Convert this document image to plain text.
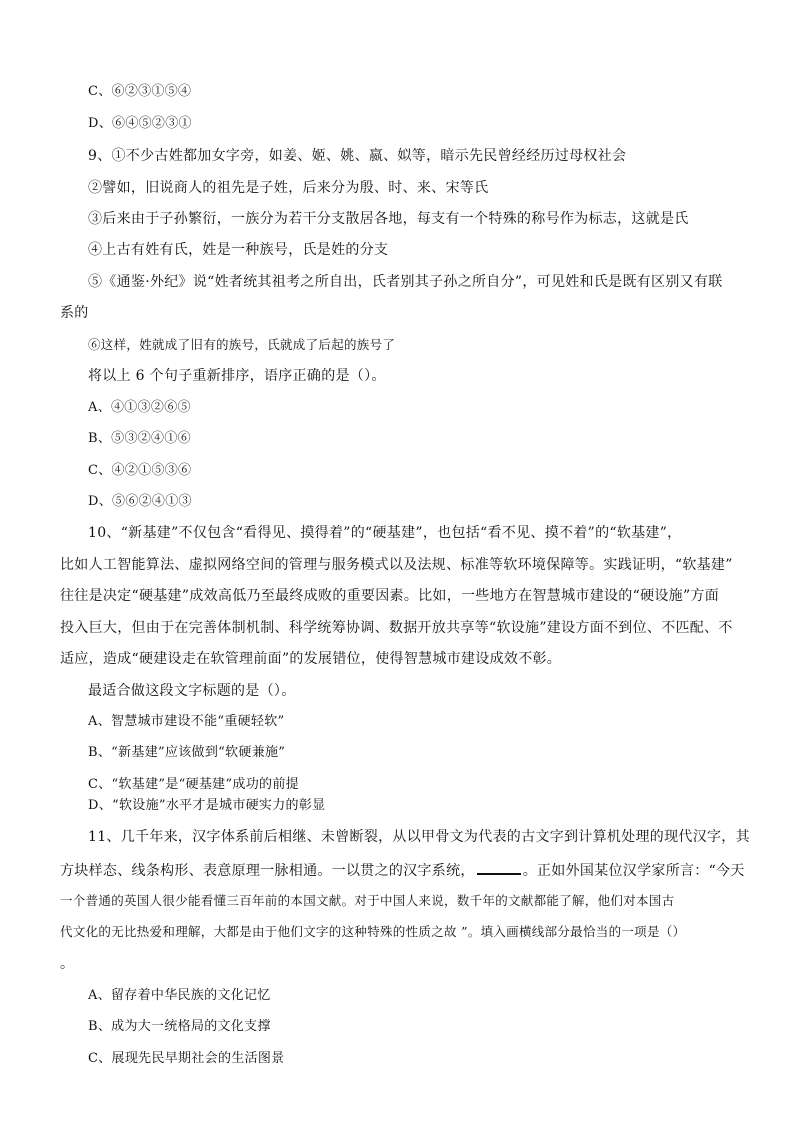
C、⑥②③①⑤④
D、⑥④⑤②③①
9、①不少古姓都加女字旁，如姜、姬、姚、嬴、姒等，暗示先民曾经经历过母权社会
②譬如，旧说商人的祖先是子姓，后来分为殷、时、来、宋等氏
③后来由于子孙繁衍，一族分为若干分支散居各地，每支有一个特殊的称号作为标志，这就是氏
④上古有姓有氏，姓是一种族号，氏是姓的分支
⑤《通鉴·外纪》说“姓者统其祖考之所自出，氏者别其子孙之所自分”，可见姓和氏是既有区别又有联
系的
⑥这样，姓就成了旧有的族号，氏就成了后起的族号了
将以上 6 个句子重新排序，语序正确的是（）。
A、④①③②⑥⑤
B、⑤③②④①⑥
C、④②①⑤③⑥
D、⑤⑥②④①③
10、“新基建”不仅包含“看得见、摸得着”的“硬基建”，也包括“看不见、摸不着”的“软基建”，
比如人工智能算法、虚拟网络空间的管理与服务模式以及法规、标准等软环境保障等。实践证明，“软基建”
往往是决定“硬基建”成效高低乃至最终成败的重要因素。比如，一些地方在智慧城市建设的“硬设施”方面
投入巨大，但由于在完善体制机制、科学统筹协调、数据开放共享等“软设施”建设方面不到位、不匹配、不
适应，造成“硬建设走在软管理前面”的发展错位，使得智慧城市建设成效不彰。
最适合做这段文字标题的是（）。
A、智慧城市建设不能“重硬轻软”
B、“新基建”应该做到“软硬兼施”
C、“软基建”是“硬基建”成功的前提
D、“软设施”水平才是城市硬实力的彰显
11、几千年来，汉字体系前后相继、未曾断裂，从以甲骨文为代表的古文字到计算机处理的现代汉字，其
方块样态、线条构形、表意原理一脉相通。一以贯之的汉字系统，	。正如外国某位汉学家所言：“今天
一个普通的英国人很少能看懂三百年前的本国文献。对于中国人来说，数千年的文献都能了解，他们对本国古
代文化的无比热爱和理解，大都是由于他们文字的这种特殊的性质之故 ”。填入画横线部分最恰当的一项是（）
。
A、留存着中华民族的文化记忆
B、成为大一统格局的文化支撑
C、展现先民早期社会的生活图景
